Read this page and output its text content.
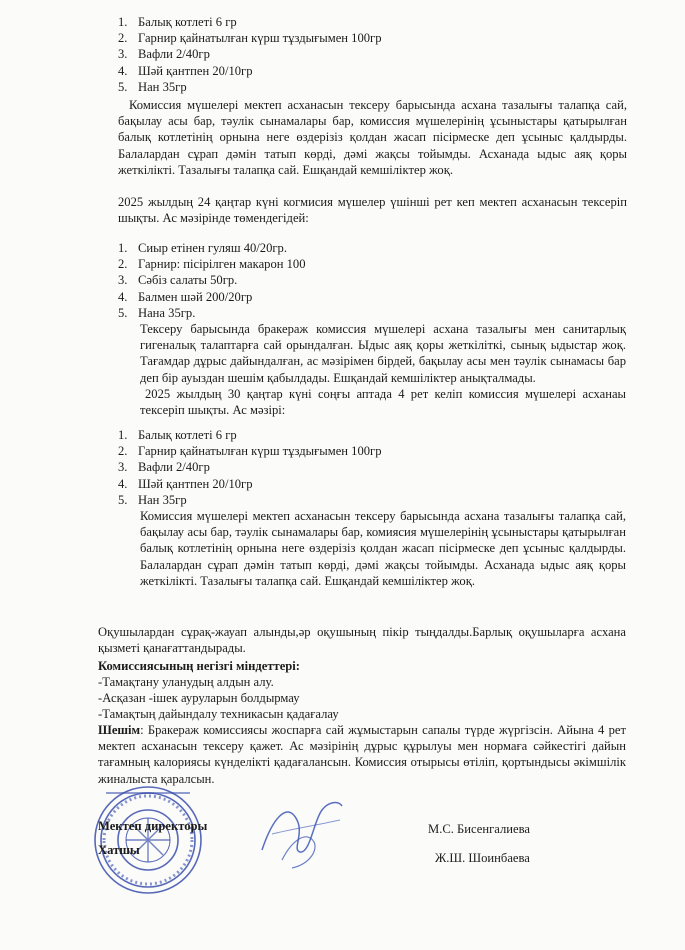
1. Балық котлеті 6 гр
2. Гарнир қайнатылған күрш тұздығымен 100гр
3. Вафли 2/40гр
4. Шәй қантпен 20/10гр
5. Нан 35гр
Комиссия мүшелері мектеп асханасын тексеру барысында асхана тазалығы талапқа сай, бақылау асы бар, тәулік сынамалары бар, комиссия мүшелерінің ұсыныстары қатырылған балық котлетінің орнына неге өздерізіз қолдан жасап пісірмеске деп ұсыныс қалдырды. Балалардан сұрап дәмін татып көрді, дәмі жақсы тойымды. Асханада ыдыс аяқ қоры жеткілікті. Тазалығы талапқа сай. Ешқандай кемшіліктер жоқ.
2025 жылдың 24 қаңтар күні когмисия мүшелер үшінші рет кеп мектеп асханасын тексеріп шықты. Ас мәзірінде төмендегідей:
1. Сиыр етінен гуляш 40/20гр.
2. Гарнир: пісірілген макарон 100
3. Сәбіз салаты 50гр.
4. Балмен шәй 200/20гр
5. Нана 35гр.
Тексеру барысында бракераж комиссия мүшелері асхана тазалығы мен санитарлық гигеналық талаптарға сай орындалған. Ыдыс аяқ қоры жеткіліткі, сынық ыдыстар жоқ. Тағамдар дұрыс дайындалған, ас мәзірімен бірдей, бақылау асы мен тәулік сынамасы бар деп бір ауыздан шешім қабылдады. Ешқандай кемшіліктер анықталмады.
2025 жылдың 30 қаңтар күні соңғы аптада 4 рет келіп комиссия мүшелері асханаы тексеріп шықты. Ас мәзірі:
1. Балық котлеті 6 гр
2. Гарнир қайнатылған күрш тұздығымен 100гр
3. Вафли 2/40гр
4. Шәй қантпен 20/10гр
5. Нан 35гр
Комиссия мүшелері мектеп асханасын тексеру барысында асхана тазалығы талапқа сай, бақылау асы бар, тәулік сынамалары бар, комиясия мүшелерінің ұсыныстары қатырылған балық котлетінің орнына неге өздерізіз қолдан жасап пісірмеске деп ұсыныс қалдырды. Балалардан сұрап дәмін татып көрді, дәмі жақсы тойымды. Асханада ыдыс аяқ қоры жеткілікті. Тазалығы талапқа сай. Ешқандай кемшіліктер жоқ.
Оқушылардан сұрақ-жауап алынды,әр оқушының пікір тыңдалды.Барлық оқушыларға асхана қызметі қанағаттандырады.
Комиссиясының негізгі міндеттері:
-Тамақтану уланудың алдын алу.
-Асқазан -ішек ауруларын болдырмау
-Тамақтың дайындалу техникасын қадағалау
Шешім: Бракераж комиссиясы жоспарға сай жұмыстарын сапалы түрде жүргізсін. Айына 4 рет мектеп асханасын тексеру қажет. Ас мәзірінің дұрыс құрылуы мен нормаға сәйкестігі дайын тағамның калориясы күнделікті қадағалансын. Комиссия отырысы өтіліп, қортындысы әкімшілік жиналыста қаралсын.
Мектеп директоры
Хатшы
М.С. Бисенгалиева
Ж.Ш. Шоинбаева
